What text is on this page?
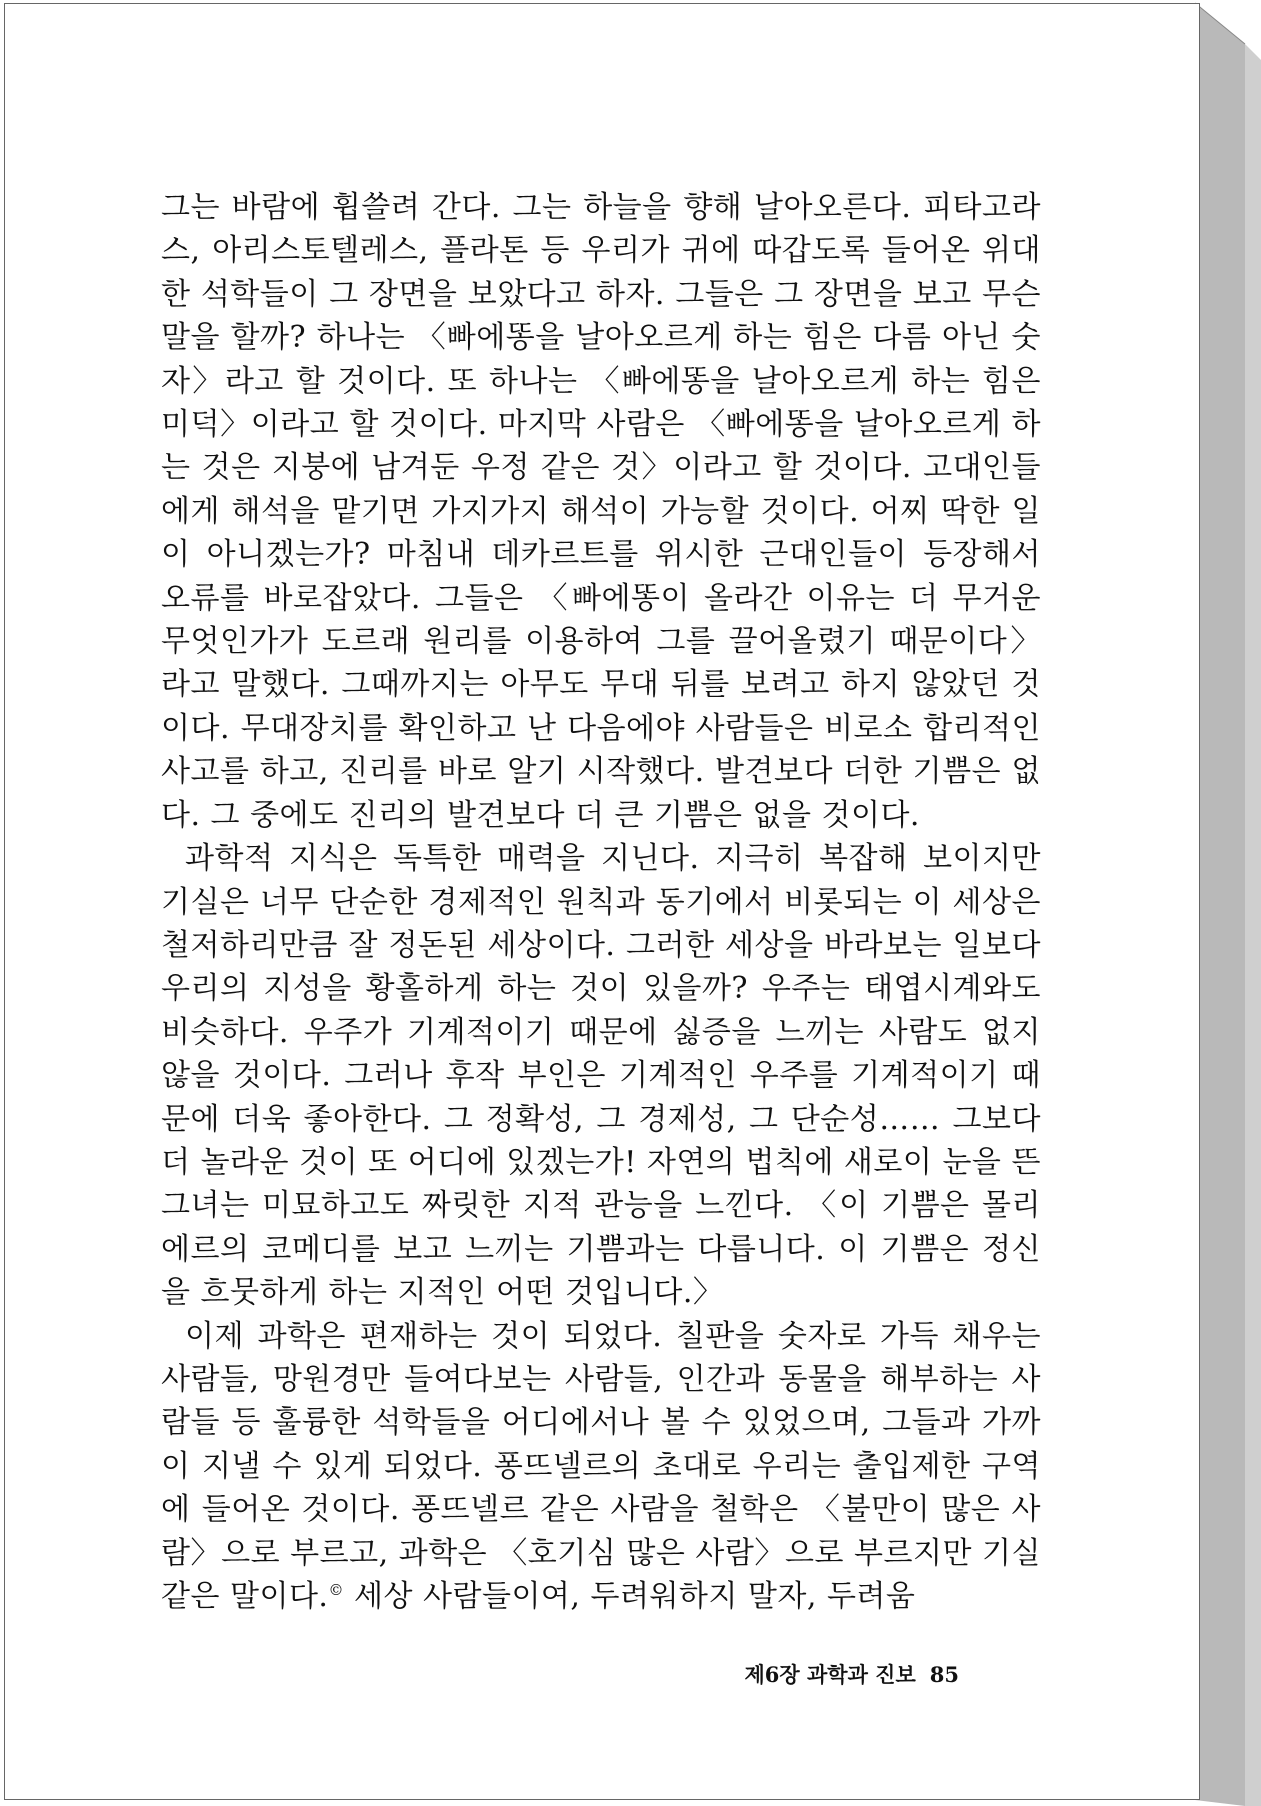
그는 바람에 휩쓸려 간다. 그는 하늘을 향해 날아오른다. 피타고라스, 아리스토텔레스, 플라톤 등 우리가 귀에 따갑도록 들어온 위대한 석학들이 그 장면을 보았다고 하자. 그들은 그 장면을 보고 무슨 말을 할까? 하나는 〈빠에똥을 날아오르게 하는 힘은 다름 아닌 숫자〉라고 할 것이다. 또 하나는 〈빠에똥을 날아오르게 하는 힘은 미덕〉이라고 할 것이다. 마지막 사람은 〈빠에똥을 날아오르게 하는 것은 지붕에 남겨둔 우정 같은 것〉이라고 할 것이다. 고대인들에게 해석을 맡기면 가지가지 해석이 가능할 것이다. 어찌 딱한 일이 아니겠는가? 마침내 데카르트를 위시한 근대인들이 등장해서 오류를 바로잡았다. 그들은 〈빠에똥이 올라간 이유는 더 무거운 무엇인가가 도르래 원리를 이용하여 그를 끌어올렸기 때문이다〉라고 말했다. 그때까지는 아무도 무대 뒤를 보려고 하지 않았던 것이다. 무대장치를 확인하고 난 다음에야 사람들은 비로소 합리적인 사고를 하고, 진리를 바로 알기 시작했다. 발견보다 더한 기쁨은 없다. 그 중에도 진리의 발견보다 더 큰 기쁨은 없을 것이다.

과학적 지식은 독특한 매력을 지닌다. 지극히 복잡해 보이지만 기실은 너무 단순한 경제적인 원칙과 동기에서 비롯되는 이 세상은 철저하리만큼 잘 정돈된 세상이다. 그러한 세상을 바라보는 일보다 우리의 지성을 황홀하게 하는 것이 있을까? 우주는 태엽시계와도 비슷하다. 우주가 기계적이기 때문에 싫증을 느끼는 사람도 없지 않을 것이다. 그러나 후작 부인은 기계적인 우주를 기계적이기 때문에 더욱 좋아한다. 그 정확성, 그 경제성, 그 단순성…… 그보다 더 놀라운 것이 또 어디에 있겠는가! 자연의 법칙에 새로이 눈을 뜬 그녀는 미묘하고도 짜릿한 지적 관능을 느낀다. 〈이 기쁨은 몰리에르의 코메디를 보고 느끼는 기쁨과는 다릅니다. 이 기쁨은 정신을 흐뭇하게 하는 지적인 어떤 것입니다.〉

이제 과학은 편재하는 것이 되었다. 칠판을 숫자로 가득 채우는 사람들, 망원경만 들여다보는 사람들, 인간과 동물을 해부하는 사람들 등 훌륭한 석학들을 어디에서나 볼 수 있었으며, 그들과 가까이 지낼 수 있게 되었다. 퐁뜨넬르의 초대로 우리는 출입제한 구역에 들어온 것이다. 퐁뜨넬르 같은 사람을 철학은 〈불만이 많은 사람〉으로 부르고, 과학은 〈호기심 많은 사람〉으로 부르지만 기실 같은 말이다.© 세상 사람들이여, 두려워하지 말자, 두려움

제6장 과학과 진보 85
